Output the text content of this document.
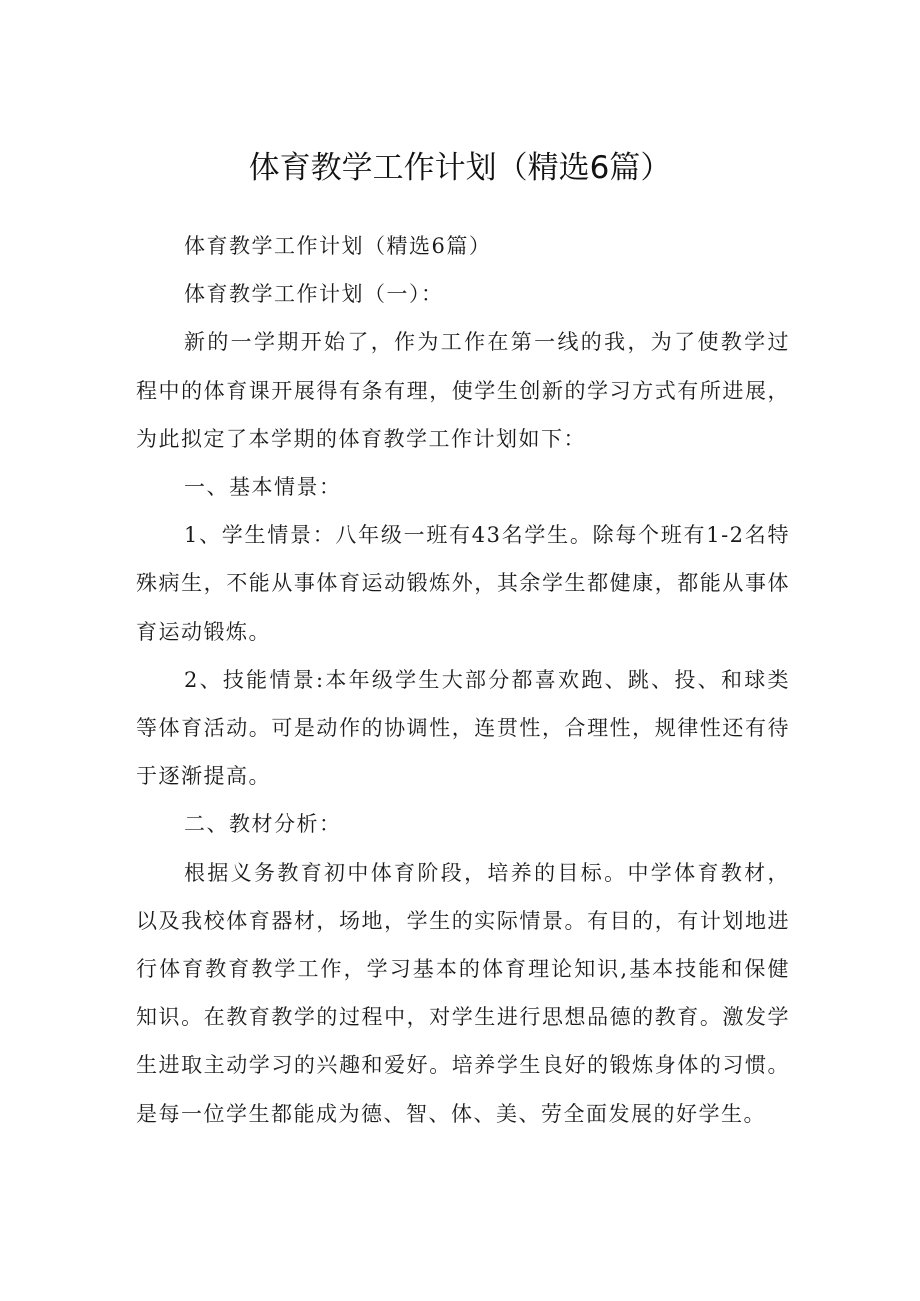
体育教学工作计划（精选6篇）

体育教学工作计划（精选6篇）

体育教学工作计划（一）：

新的一学期开始了，作为工作在第一线的我，为了使教学过程中的体育课开展得有条有理，使学生创新的学习方式有所进展，为此拟定了本学期的体育教学工作计划如下：

一、基本情景：

1、学生情景：八年级一班有43名学生。除每个班有1-2名特殊病生，不能从事体育运动锻炼外，其余学生都健康，都能从事体育运动锻炼。

2、技能情景:本年级学生大部分都喜欢跑、跳、投、和球类等体育活动。可是动作的协调性，连贯性，合理性，规律性还有待于逐渐提高。

二、教材分析：

根据义务教育初中体育阶段，培养的目标。中学体育教材，以及我校体育器材，场地，学生的实际情景。有目的，有计划地进行体育教育教学工作，学习基本的体育理论知识,基本技能和保健知识。在教育教学的过程中，对学生进行思想品德的教育。激发学生进取主动学习的兴趣和爱好。培养学生良好的锻炼身体的习惯。是每一位学生都能成为德、智、体、美、劳全面发展的好学生。
